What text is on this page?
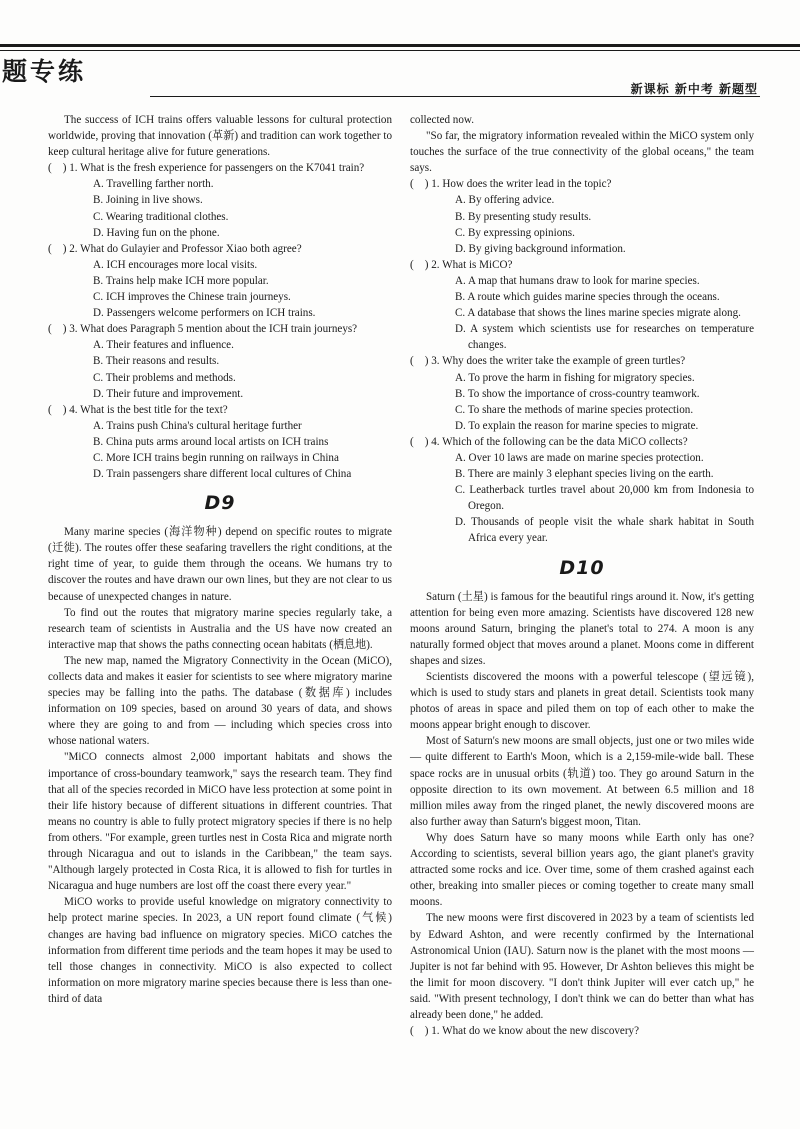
题专练
新课标 新中考 新题型

The success of ICH trains offers valuable lessons for cultural protection worldwide, proving that innovation (革新) and tradition can work together to keep cultural heritage alive for future generations.

(　) 1. What is the fresh experience for passengers on the K7041 train?
A. Travelling farther north.
B. Joining in live shows.
C. Wearing traditional clothes.
D. Having fun on the phone.
(　) 2. What do Gulayier and Professor Xiao both agree?
A. ICH encourages more local visits.
B. Trains help make ICH more popular.
C. ICH improves the Chinese train journeys.
D. Passengers welcome performers on ICH trains.
(　) 3. What does Paragraph 5 mention about the ICH train journeys?
A. Their features and influence.
B. Their reasons and results.
C. Their problems and methods.
D. Their future and improvement.
(　) 4. What is the best title for the text?
A. Trains push China's cultural heritage further
B. China puts arms around local artists on ICH trains
C. More ICH trains begin running on railways in China
D. Train passengers share different local cultures of China
D9

Many marine species (海洋物种) depend on specific routes to migrate (迁徙). The routes offer these seafaring travellers the right conditions, at the right time of year, to guide them through the oceans. We humans try to discover the routes and have drawn our own lines, but they are not clear to us because of unexpected changes in nature.

To find out the routes that migratory marine species regularly take, a research team of scientists in Australia and the US have now created an interactive map that shows the paths connecting ocean habitats (栖息地).

The new map, named the Migratory Connectivity in the Ocean (MiCO), collects data and makes it easier for scientists to see where migratory marine species may be falling into the paths. The database (数据库) includes information on 109 species, based on around 30 years of data, and shows where they are going to and from — including which species cross into whose national waters.

"MiCO connects almost 2,000 important habitats and shows the importance of cross-boundary teamwork," says the research team. They find that all of the species recorded in MiCO have less protection at some point in their life history because of different situations in different countries. That means no country is able to fully protect migratory species if there is no help from others. "For example, green turtles nest in Costa Rica and migrate north through Nicaragua and out to islands in the Caribbean," the team says. "Although largely protected in Costa Rica, it is allowed to fish for turtles in Nicaragua and huge numbers are lost off the coast there every year."

MiCO works to provide useful knowledge on migratory connectivity to help protect marine species. In 2023, a UN report found climate (气候) changes are having bad influence on migratory species. MiCO catches the information from different time periods and the team hopes it may be used to tell those changes in connectivity. MiCO is also expected to collect information on more migratory marine species because there is less than one-third of data

collected now.

"So far, the migratory information revealed within the MiCO system only touches the surface of the true connectivity of the global oceans," the team says.

(　) 1. How does the writer lead in the topic?
A. By offering advice.
B. By presenting study results.
C. By expressing opinions.
D. By giving background information.
(　) 2. What is MiCO?
A. A map that humans draw to look for marine species.
B. A route which guides marine species through the oceans.
C. A database that shows the lines marine species migrate along.
D. A system which scientists use for researches on temperature changes.
(　) 3. Why does the writer take the example of green turtles?
A. To prove the harm in fishing for migratory species.
B. To show the importance of cross-country teamwork.
C. To share the methods of marine species protection.
D. To explain the reason for marine species to migrate.
(　) 4. Which of the following can be the data MiCO collects?
A. Over 10 laws are made on marine species protection.
B. There are mainly 3 elephant species living on the earth.
C. Leatherback turtles travel about 20,000 km from Indonesia to Oregon.
D. Thousands of people visit the whale shark habitat in South Africa every year.
D10

Saturn (土星) is famous for the beautiful rings around it. Now, it's getting attention for being even more amazing. Scientists have discovered 128 new moons around Saturn, bringing the planet's total to 274. A moon is any naturally formed object that moves around a planet. Moons come in different shapes and sizes.

Scientists discovered the moons with a powerful telescope (望远镜), which is used to study stars and planets in great detail. Scientists took many photos of areas in space and piled them on top of each other to make the moons appear bright enough to discover.

Most of Saturn's new moons are small objects, just one or two miles wide — quite different to Earth's Moon, which is a 2,159-mile-wide ball. These space rocks are in unusual orbits (轨道) too. They go around Saturn in the opposite direction to its own movement. At between 6.5 million and 18 million miles away from the ringed planet, the newly discovered moons are also further away than Saturn's biggest moon, Titan.

Why does Saturn have so many moons while Earth only has one? According to scientists, several billion years ago, the giant planet's gravity attracted some rocks and ice. Over time, some of them crashed against each other, breaking into smaller pieces or coming together to create many small moons.

The new moons were first discovered in 2023 by a team of scientists led by Edward Ashton, and were recently confirmed by the International Astronomical Union (IAU). Saturn now is the planet with the most moons — Jupiter is not far behind with 95. However, Dr Ashton believes this might be the limit for moon discovery. "I don't think Jupiter will ever catch up," he said. "With present technology, I don't think we can do better than what has already been done," he added.

(　) 1. What do we know about the new discovery?
